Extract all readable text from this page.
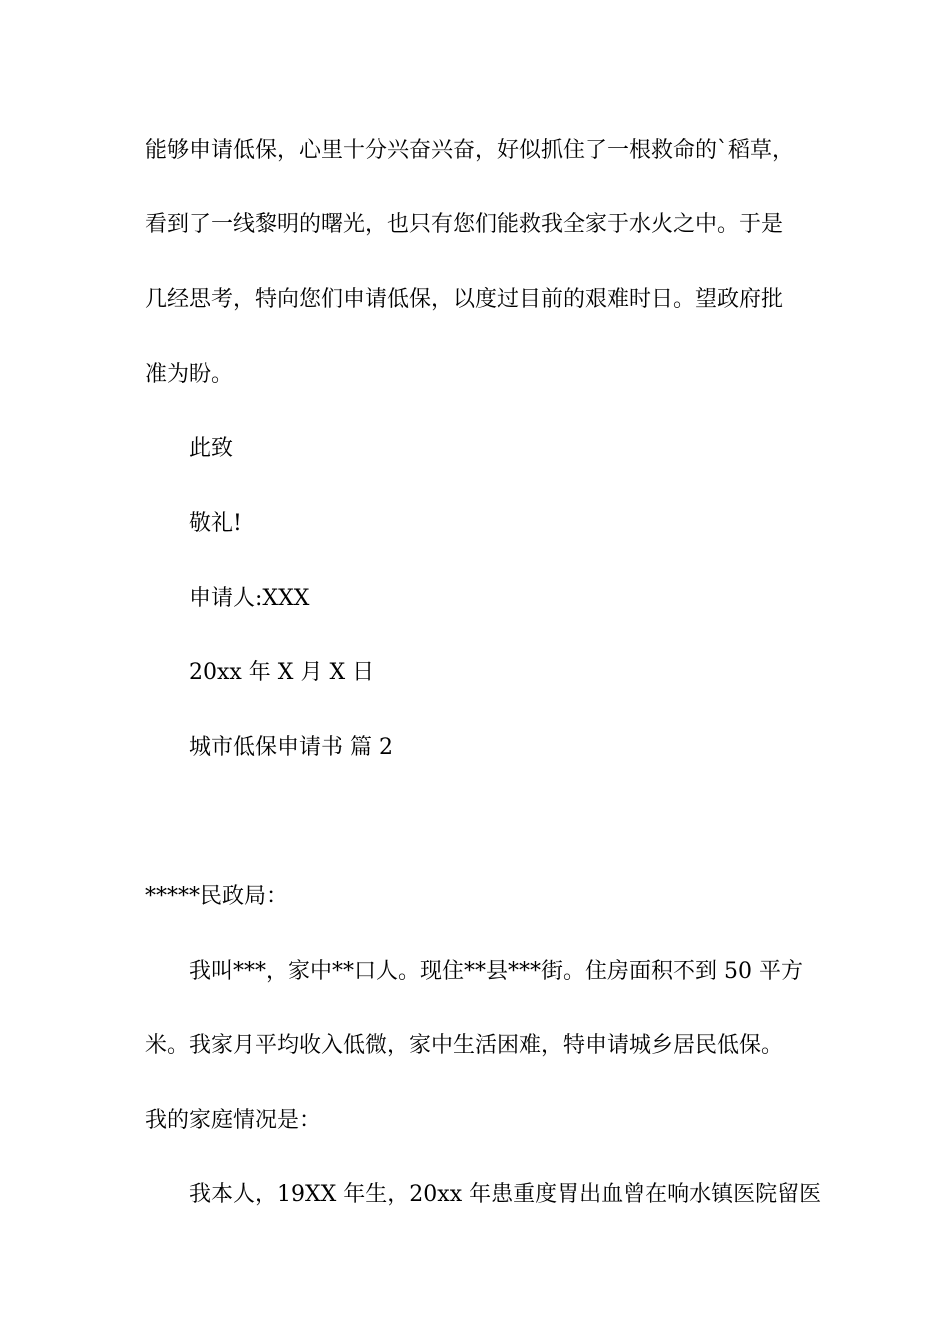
能够申请低保，心里十分兴奋兴奋，好似抓住了一根救命的`稻草，
看到了一线黎明的曙光，也只有您们能救我全家于水火之中。于是
几经思考，特向您们申请低保，以度过目前的艰难时日。望政府批
准为盼。
此致
敬礼!
申请人:XXX
20xx 年 X 月 X 日
城市低保申请书 篇 2
*****民政局：
我叫***，家中**口人。现住**县***街。住房面积不到 50 平方
米。我家月平均收入低微，家中生活困难，特申请城乡居民低保。
我的家庭情况是：
我本人，19XX 年生，20xx 年患重度胃出血曾在响水镇医院留医
